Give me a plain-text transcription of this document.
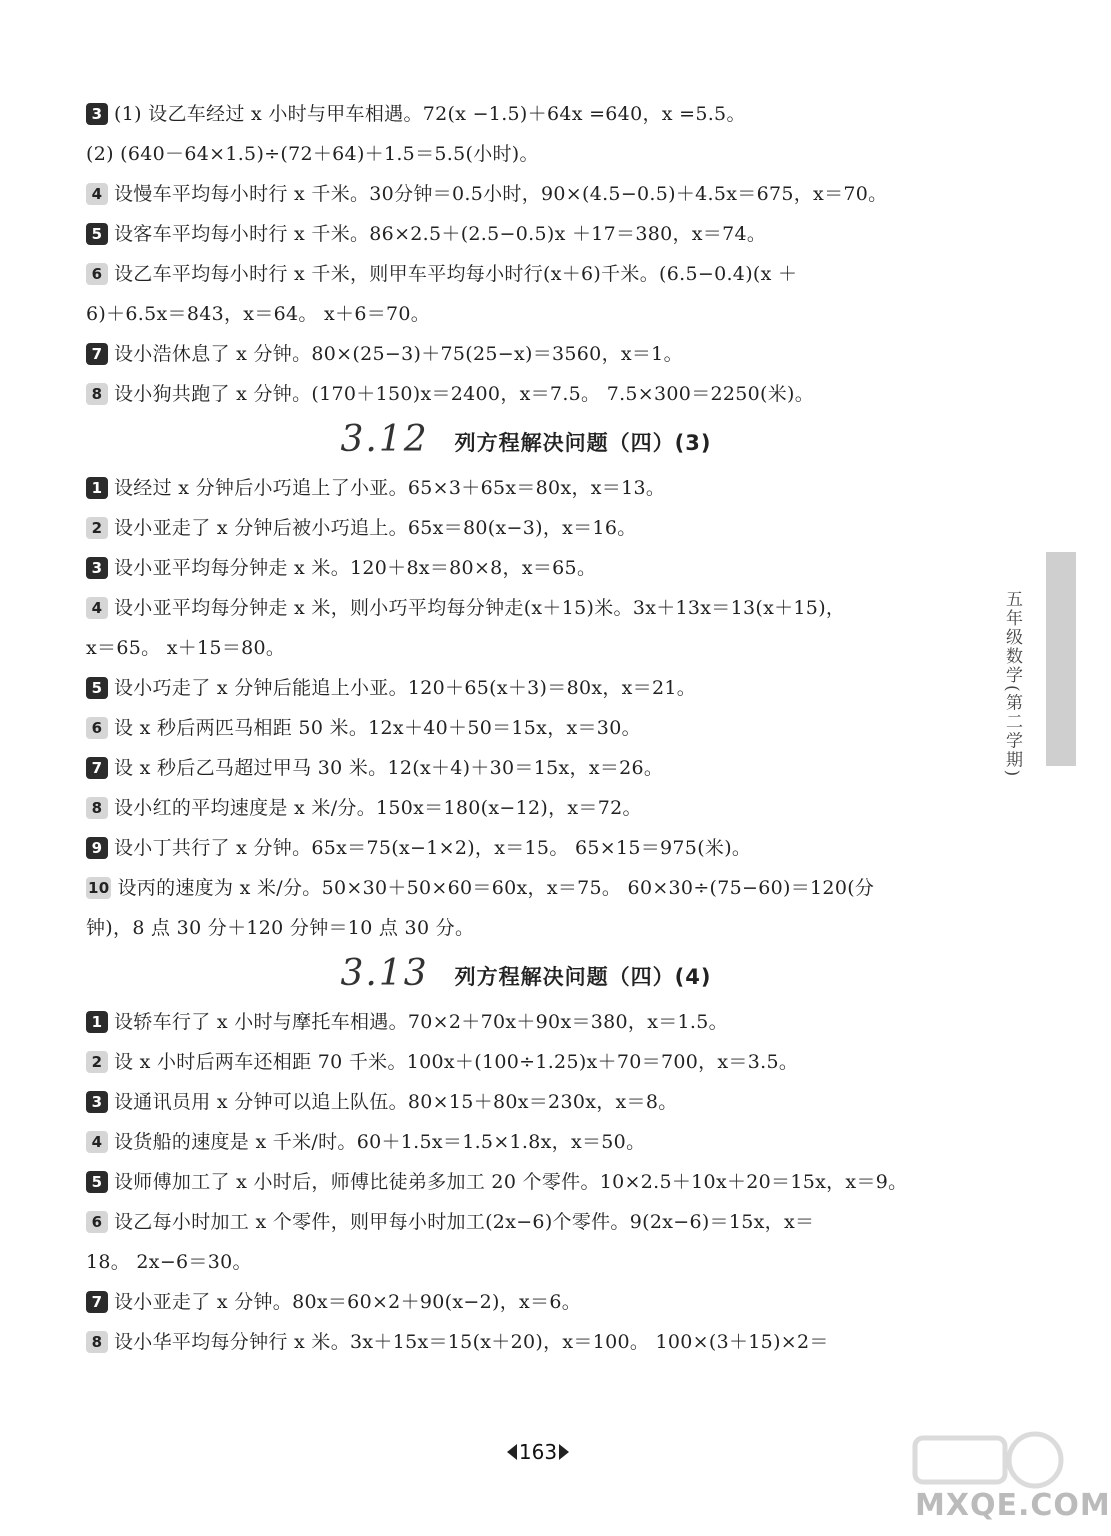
3 (1) 设乙车经过 x 小时与甲车相遇。72(x −1.5)＋64x =640，x =5.5。
(2) (640－64×1.5)÷(72＋64)＋1.5＝5.5(小时)。
4 设慢车平均每小时行 x 千米。30分钟＝0.5小时，90×(4.5−0.5)＋4.5x＝675，x＝70。
5 设客车平均每小时行 x 千米。86×2.5＋(2.5−0.5)x ＋17＝380，x＝74。
6 设乙车平均每小时行 x 千米，则甲车平均每小时行(x＋6)千米。(6.5−0.4)(x ＋
6)＋6.5x＝843，x＝64。 x＋6＝70。
7 设小浩休息了 x 分钟。80×(25−3)＋75(25−x)＝3560，x＝1。
8 设小狗共跑了 x 分钟。(170＋150)x＝2400，x＝7.5。 7.5×300＝2250(米)。
3.12 列方程解决问题（四）(3)
1 设经过 x 分钟后小巧追上了小亚。65×3＋65x＝80x，x＝13。
2 设小亚走了 x 分钟后被小巧追上。65x＝80(x−3)，x＝16。
3 设小亚平均每分钟走 x 米。120＋8x＝80×8，x＝65。
4 设小亚平均每分钟走 x 米，则小巧平均每分钟走(x＋15)米。3x＋13x＝13(x＋15)，
x＝65。 x＋15＝80。
5 设小巧走了 x 分钟后能追上小亚。120＋65(x＋3)＝80x，x＝21。
6 设 x 秒后两匹马相距 50 米。12x＋40＋50＝15x，x＝30。
7 设 x 秒后乙马超过甲马 30 米。12(x＋4)＋30＝15x，x＝26。
8 设小红的平均速度是 x 米/分。150x＝180(x−12)，x＝72。
9 设小丁共行了 x 分钟。65x＝75(x−1×2)，x＝15。 65×15＝975(米)。
10 设丙的速度为 x 米/分。50×30＋50×60＝60x，x＝75。 60×30÷(75−60)＝120(分
钟)，8 点 30 分＋120 分钟＝10 点 30 分。
3.13 列方程解决问题（四）(4)
1 设轿车行了 x 小时与摩托车相遇。70×2＋70x＋90x＝380，x＝1.5。
2 设 x 小时后两车还相距 70 千米。100x＋(100÷1.25)x＋70＝700，x＝3.5。
3 设通讯员用 x 分钟可以追上队伍。80×15＋80x＝230x，x＝8。
4 设货船的速度是 x 千米/时。60＋1.5x＝1.5×1.8x，x＝50。
5 设师傅加工了 x 小时后，师傅比徒弟多加工 20 个零件。10×2.5＋10x＋20＝15x，x＝9。
6 设乙每小时加工 x 个零件，则甲每小时加工(2x−6)个零件。9(2x−6)＝15x，x＝
18。 2x−6＝30。
7 设小亚走了 x 分钟。80x＝60×2＋90(x−2)，x＝6。
8 设小华平均每分钟行 x 米。3x＋15x＝15(x＋20)，x＝100。 100×(3＋15)×2＝
五年级数学(第二学期)
163
MXQE.COM
